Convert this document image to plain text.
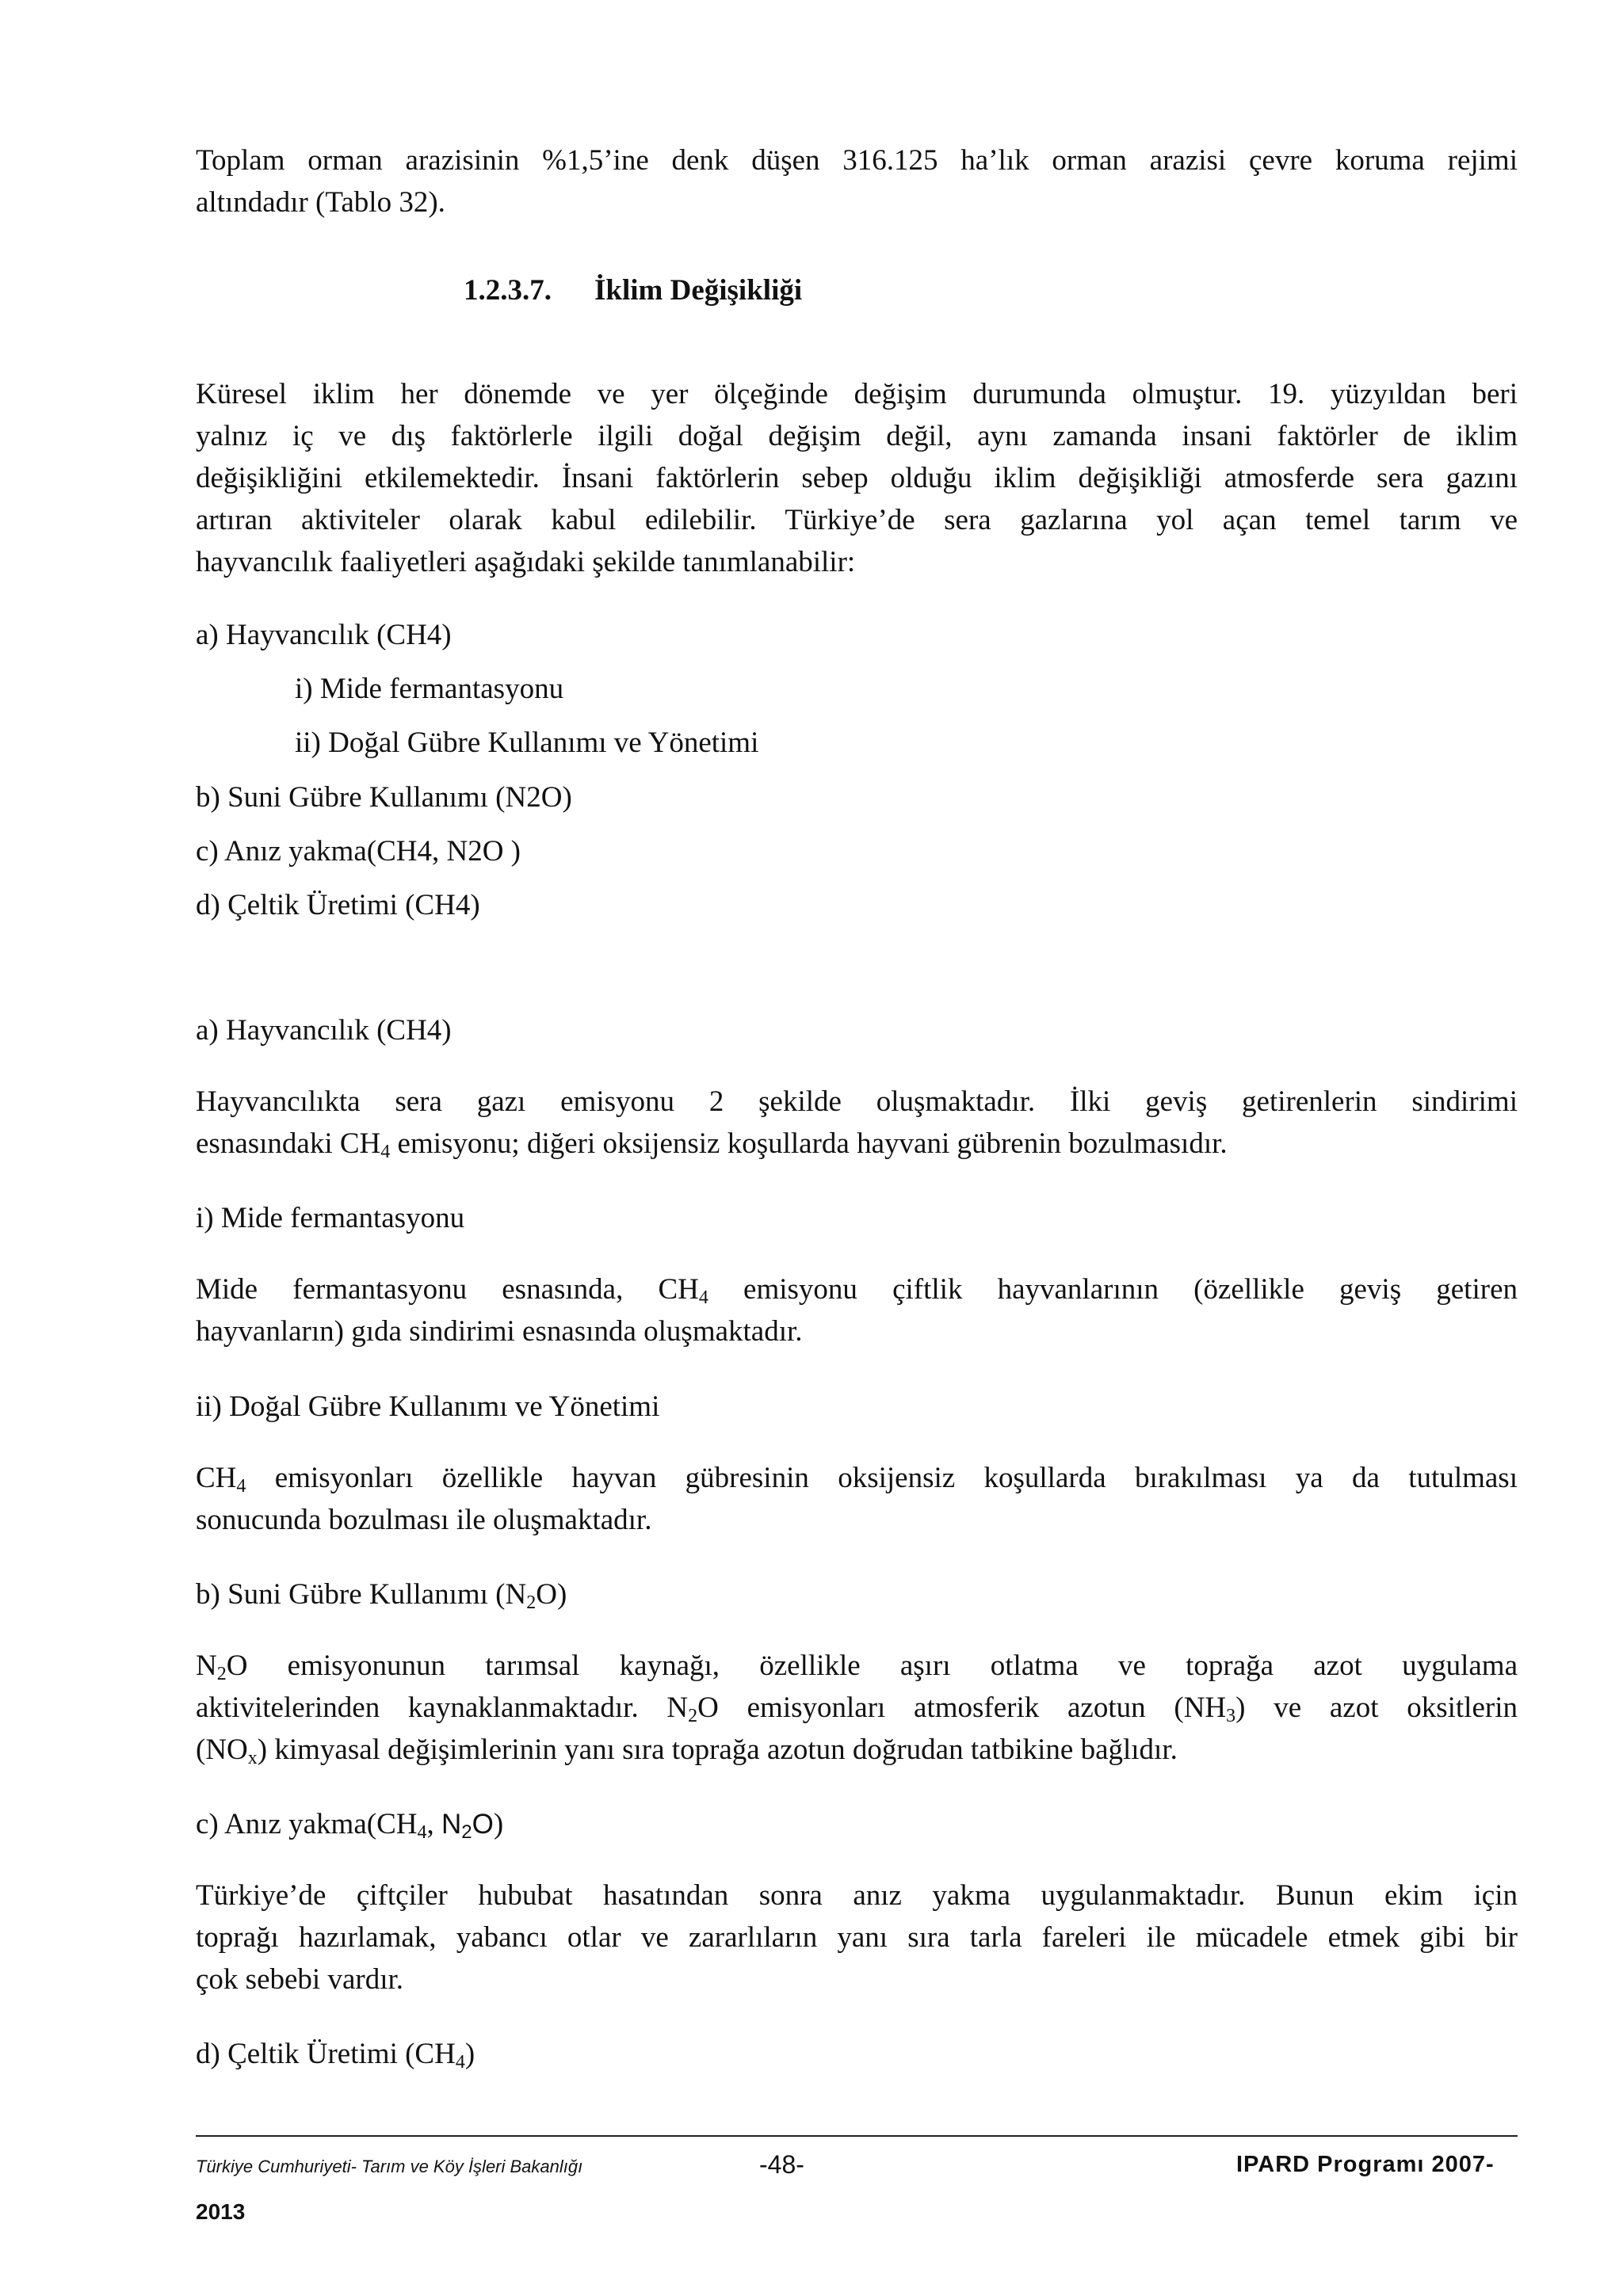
Toplam orman arazisinin %1,5’ine denk düşen 316.125 ha’lık orman arazisi çevre koruma rejimi
altındadır (Tablo 32).

1.2.3.7. İklim Değişikliği

Küresel iklim her dönemde ve yer ölçeğinde değişim durumunda olmuştur. 19. yüzyıldan beri
yalnız iç ve dış faktörlerle ilgili doğal değişim değil, aynı zamanda insani faktörler de iklim
değişikliğini etkilemektedir. İnsani faktörlerin sebep olduğu iklim değişikliği atmosferde sera gazını
artıran aktiviteler olarak kabul edilebilir. Türkiye’de sera gazlarına yol açan temel tarım ve
hayvancılık faaliyetleri aşağıdaki şekilde tanımlanabilir:

a) Hayvancılık (CH4)
i) Mide fermantasyonu
ii) Doğal Gübre Kullanımı ve Yönetimi
b) Suni Gübre Kullanımı (N2O)
c) Anız yakma(CH4, N2O )
d) Çeltik Üretimi (CH4)
a) Hayvancılık (CH4)

Hayvancılıkta sera gazı emisyonu 2 şekilde oluşmaktadır. İlki geviş getirenlerin sindirimi
esnasındaki $CH_4$ emisyonu; diğeri oksijensiz koşullarda hayvani gübrenin bozulmasıdır.

i) Mide fermantasyonu

Mide fermantasyonu esnasında, $CH_4$ emisyonu çiftlik hayvanlarının (özellikle geviş getiren
hayvanların) gıda sindirimi esnasında oluşmaktadır.

ii) Doğal Gübre Kullanımı ve Yönetimi

$CH_4$ emisyonları özellikle hayvan gübresinin oksijensiz koşullarda bırakılması ya da tutulması
sonucunda bozulması ile oluşmaktadır.

b) Suni Gübre Kullanımı $(N_2O)$

$N_2O$ emisyonunun tarımsal kaynağı, özellikle aşırı otlatma ve toprağa azot uygulama
aktivitelerinden kaynaklanmaktadır. $N_2O$ emisyonları atmosferik azotun $(NH_3)$ ve azot oksitlerin
$(NO_x)$ kimyasal değişimlerinin yanı sıra toprağa azotun doğrudan tatbikine bağlıdır.

c) Anız $yakma(CH_4$, $N_2O$)

Türkiye’de çiftçiler hububat hasatından sonra anız yakma uygulanmaktadır. Bunun ekim için
toprağı hazırlamak, yabancı otlar ve zararlıların yanı sıra tarla fareleri ile mücadele etmek gibi bir
çok sebebi vardır.

d) Çeltik Üretimi $(CH_4)$
Türkiye Cumhuriyeti- Tarım ve Köy İşleri Bakanlığı	-48-	IPARD Programı 2007-
2013
